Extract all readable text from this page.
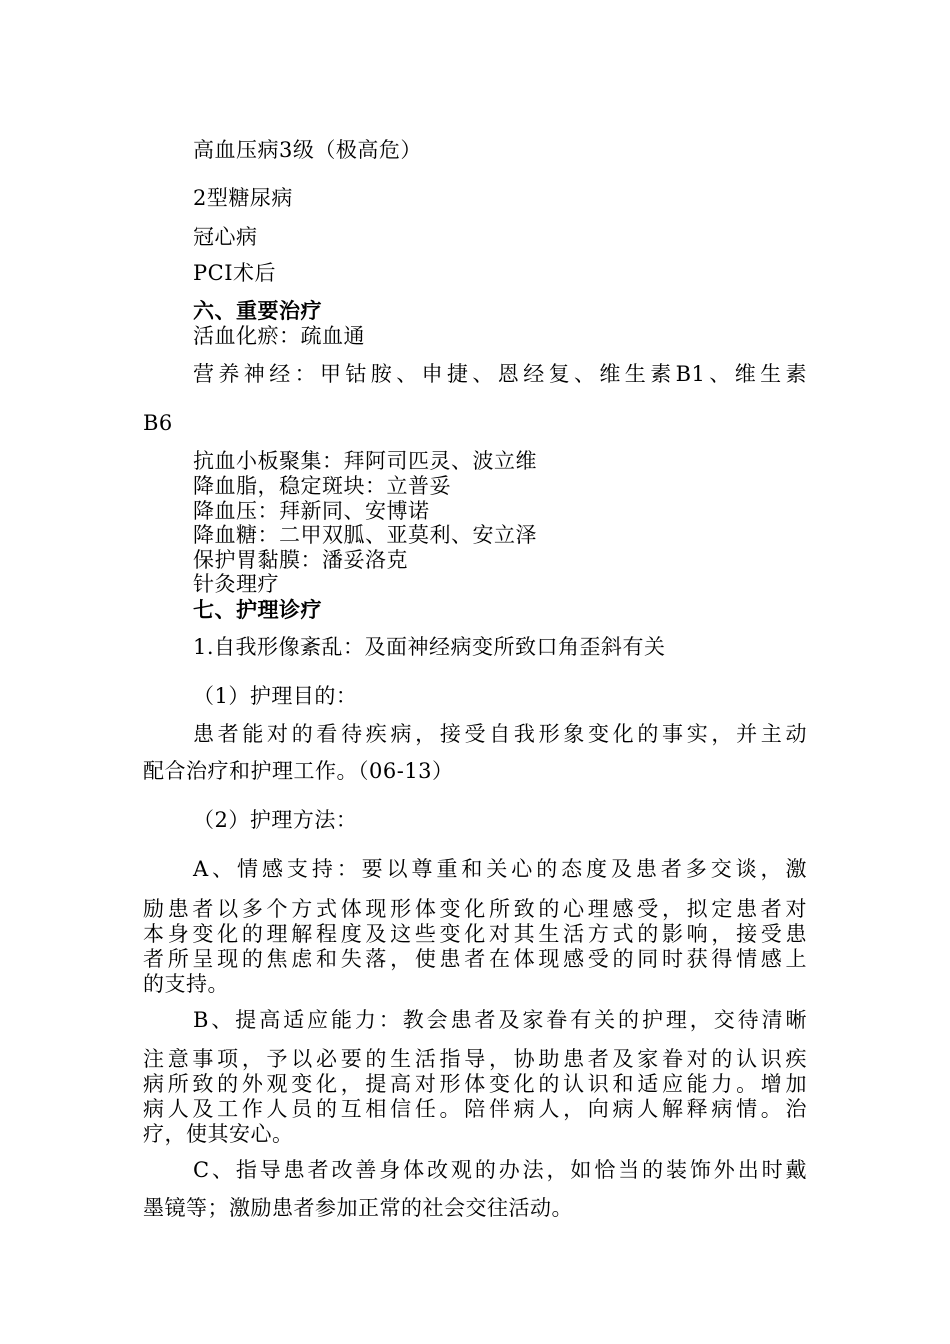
高血压病3级（极高危）
2型糖尿病
冠心病
PCI术后
六、重要治疗
活血化瘀：疏血通
营养神经：甲钴胺、申捷、恩经复、维生素B1、维生素
B6
抗血小板聚集：拜阿司匹灵、波立维
降血脂，稳定斑块：立普妥
降血压：拜新同、安博诺
降血糖：二甲双胍、亚莫利、安立泽
保护胃黏膜：潘妥洛克
针灸理疗
七、护理诊疗
1.自我形像紊乱：及面神经病变所致口角歪斜有关
（1）护理目的：
患者能对的看待疾病，接受自我形象变化的事实，并主动
配合治疗和护理工作。（06-13）
（2）护理方法：
A、情感支持：要以尊重和关心的态度及患者多交谈，激
励患者以多个方式体现形体变化所致的心理感受，拟定患者对
本身变化的理解程度及这些变化对其生活方式的影响，接受患
者所呈现的焦虑和失落，使患者在体现感受的同时获得情感上
的支持。
B、提高适应能力：教会患者及家眷有关的护理，交待清晰
注意事项，予以必要的生活指导，协助患者及家眷对的认识疾
病所致的外观变化，提高对形体变化的认识和适应能力。增加
病人及工作人员的互相信任。陪伴病人，向病人解释病情。治
疗，使其安心。
C、指导患者改善身体改观的办法，如恰当的装饰外出时戴
墨镜等；激励患者参加正常的社会交往活动。
